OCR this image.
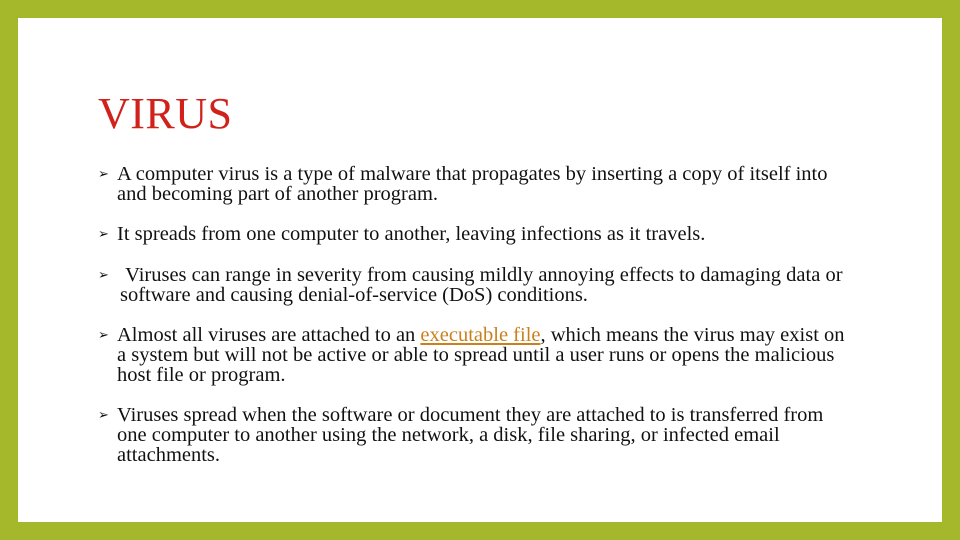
VIRUS
➢ A computer virus is a type of malware that propagates by inserting a copy of itself into and becoming part of another program.
➢ It spreads from one computer to another, leaving infections as it travels.
➢ Viruses can range in severity from causing mildly annoying effects to damaging data or software and causing denial-of-service (DoS) conditions.
➢ Almost all viruses are attached to an executable file, which means the virus may exist on a system but will not be active or able to spread until a user runs or opens the malicious host file or program.
➢ Viruses spread when the software or document they are attached to is transferred from one computer to another using the network, a disk, file sharing, or infected email attachments.
